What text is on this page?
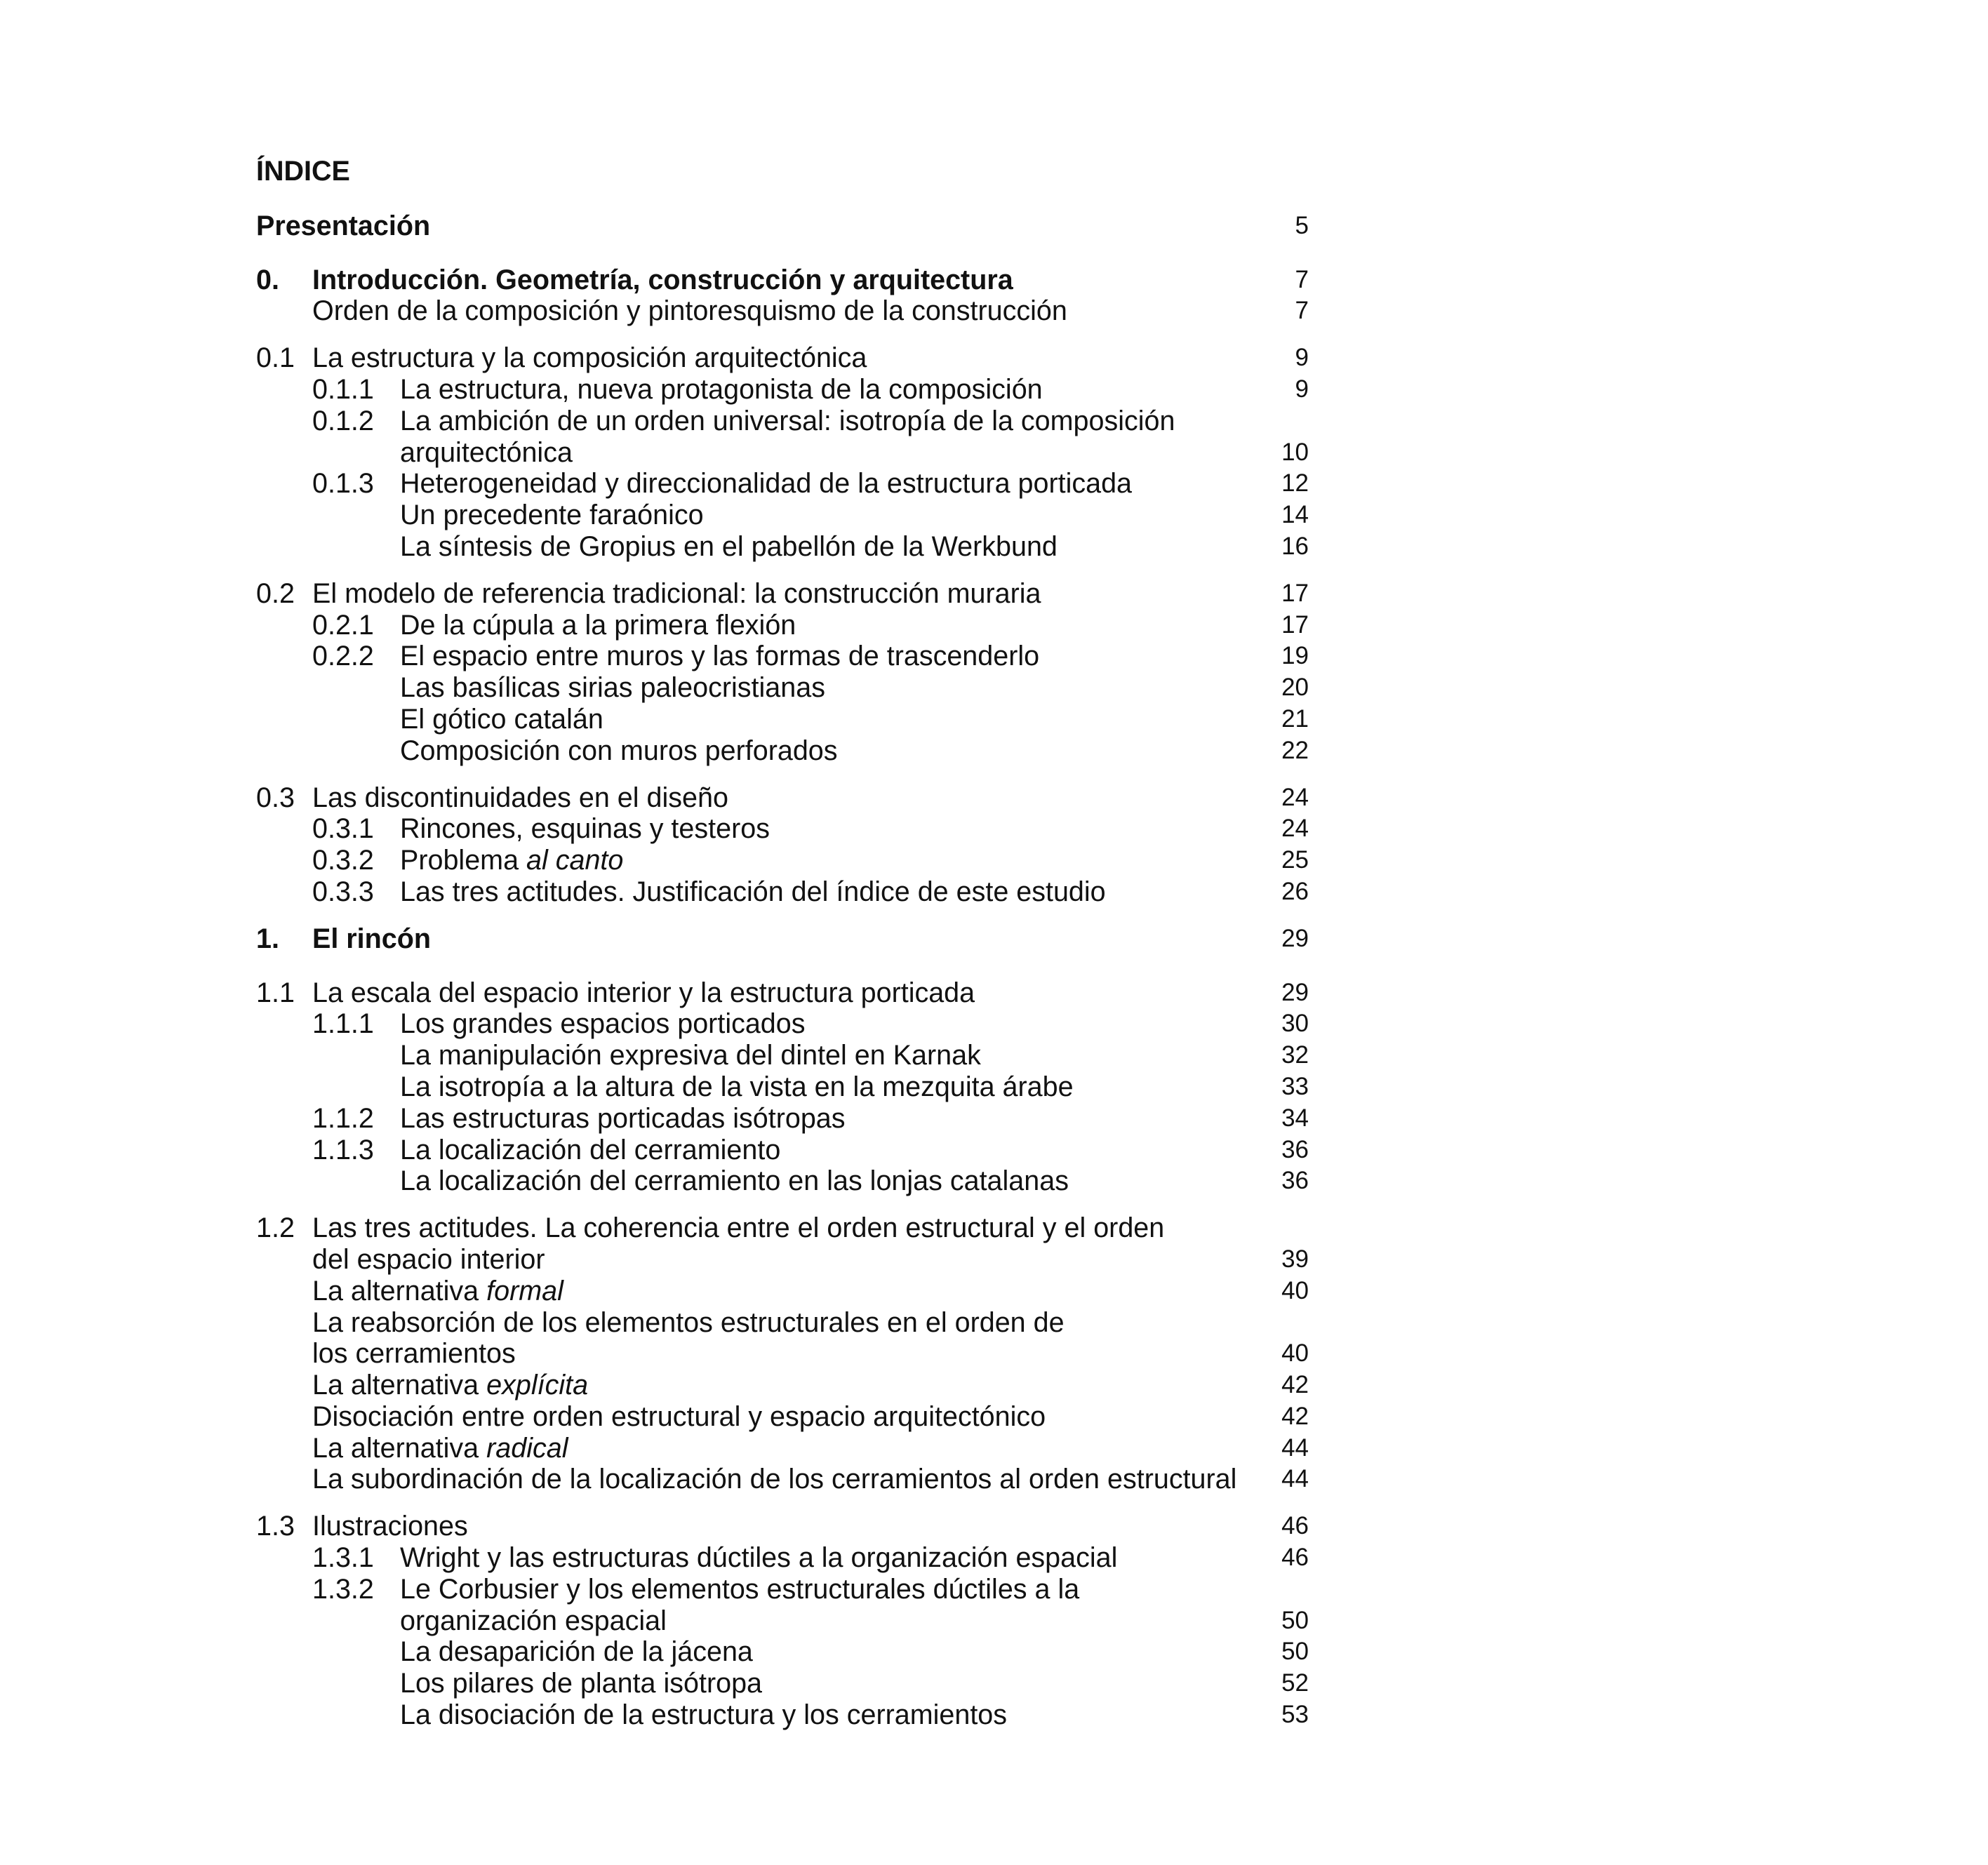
ÍNDICE
Presentación	5
0.	Introducción. Geometría, construcción y arquitectura	7
Orden de la composición y pintoresquismo de la construcción	7
0.1 La estructura y la composición arquitectónica	9
0.1.1 La estructura, nueva protagonista de la composición	9
0.1.2 La ambición de un orden universal: isotropía de la composición
arquitectónica	10
0.1.3 Heterogeneidad y direccionalidad de la estructura porticada	12
Un precedente faraónico	14
La síntesis de Gropius en el pabellón de la Werkbund	16
0.2 El modelo de referencia tradicional: la construcción muraria	17
0.2.1 De la cúpula a la primera flexión	17
0.2.2 El espacio entre muros y las formas de trascenderlo	19
Las basílicas sirias paleocristianas	20
El gótico catalán	21
Composición con muros perforados	22
0.3 Las discontinuidades en el diseño	24
0.3.1 Rincones, esquinas y testeros	24
0.3.2 Problema al canto	25
0.3.3 Las tres actitudes. Justificación del índice de este estudio	26
1.	El rincón	29
1.1 La escala del espacio interior y la estructura porticada	29
1.1.1 Los grandes espacios porticados	30
La manipulación expresiva del dintel en Karnak	32
La isotropía a la altura de la vista en la mezquita árabe	33
1.1.2 Las estructuras porticadas isótropas	34
1.1.3 La localización del cerramiento	36
La localización del cerramiento en las lonjas catalanas	36
1.2 Las tres actitudes. La coherencia entre el orden estructural y el orden
del espacio interior	39
La alternativa formal	40
La reabsorción de los elementos estructurales en el orden de
los cerramientos	40
La alternativa explícita	42
Disociación entre orden estructural y espacio arquitectónico	42
La alternativa radical	44
La subordinación de la localización de los cerramientos al orden estructural	44
1.3 Ilustraciones	46
1.3.1 Wright y las estructuras dúctiles a la organización espacial	46
1.3.2 Le Corbusier y los elementos estructurales dúctiles a la
organización espacial	50
La desaparición de la jácena	50
Los pilares de planta isótropa	52
La disociación de la estructura y los cerramientos	53
